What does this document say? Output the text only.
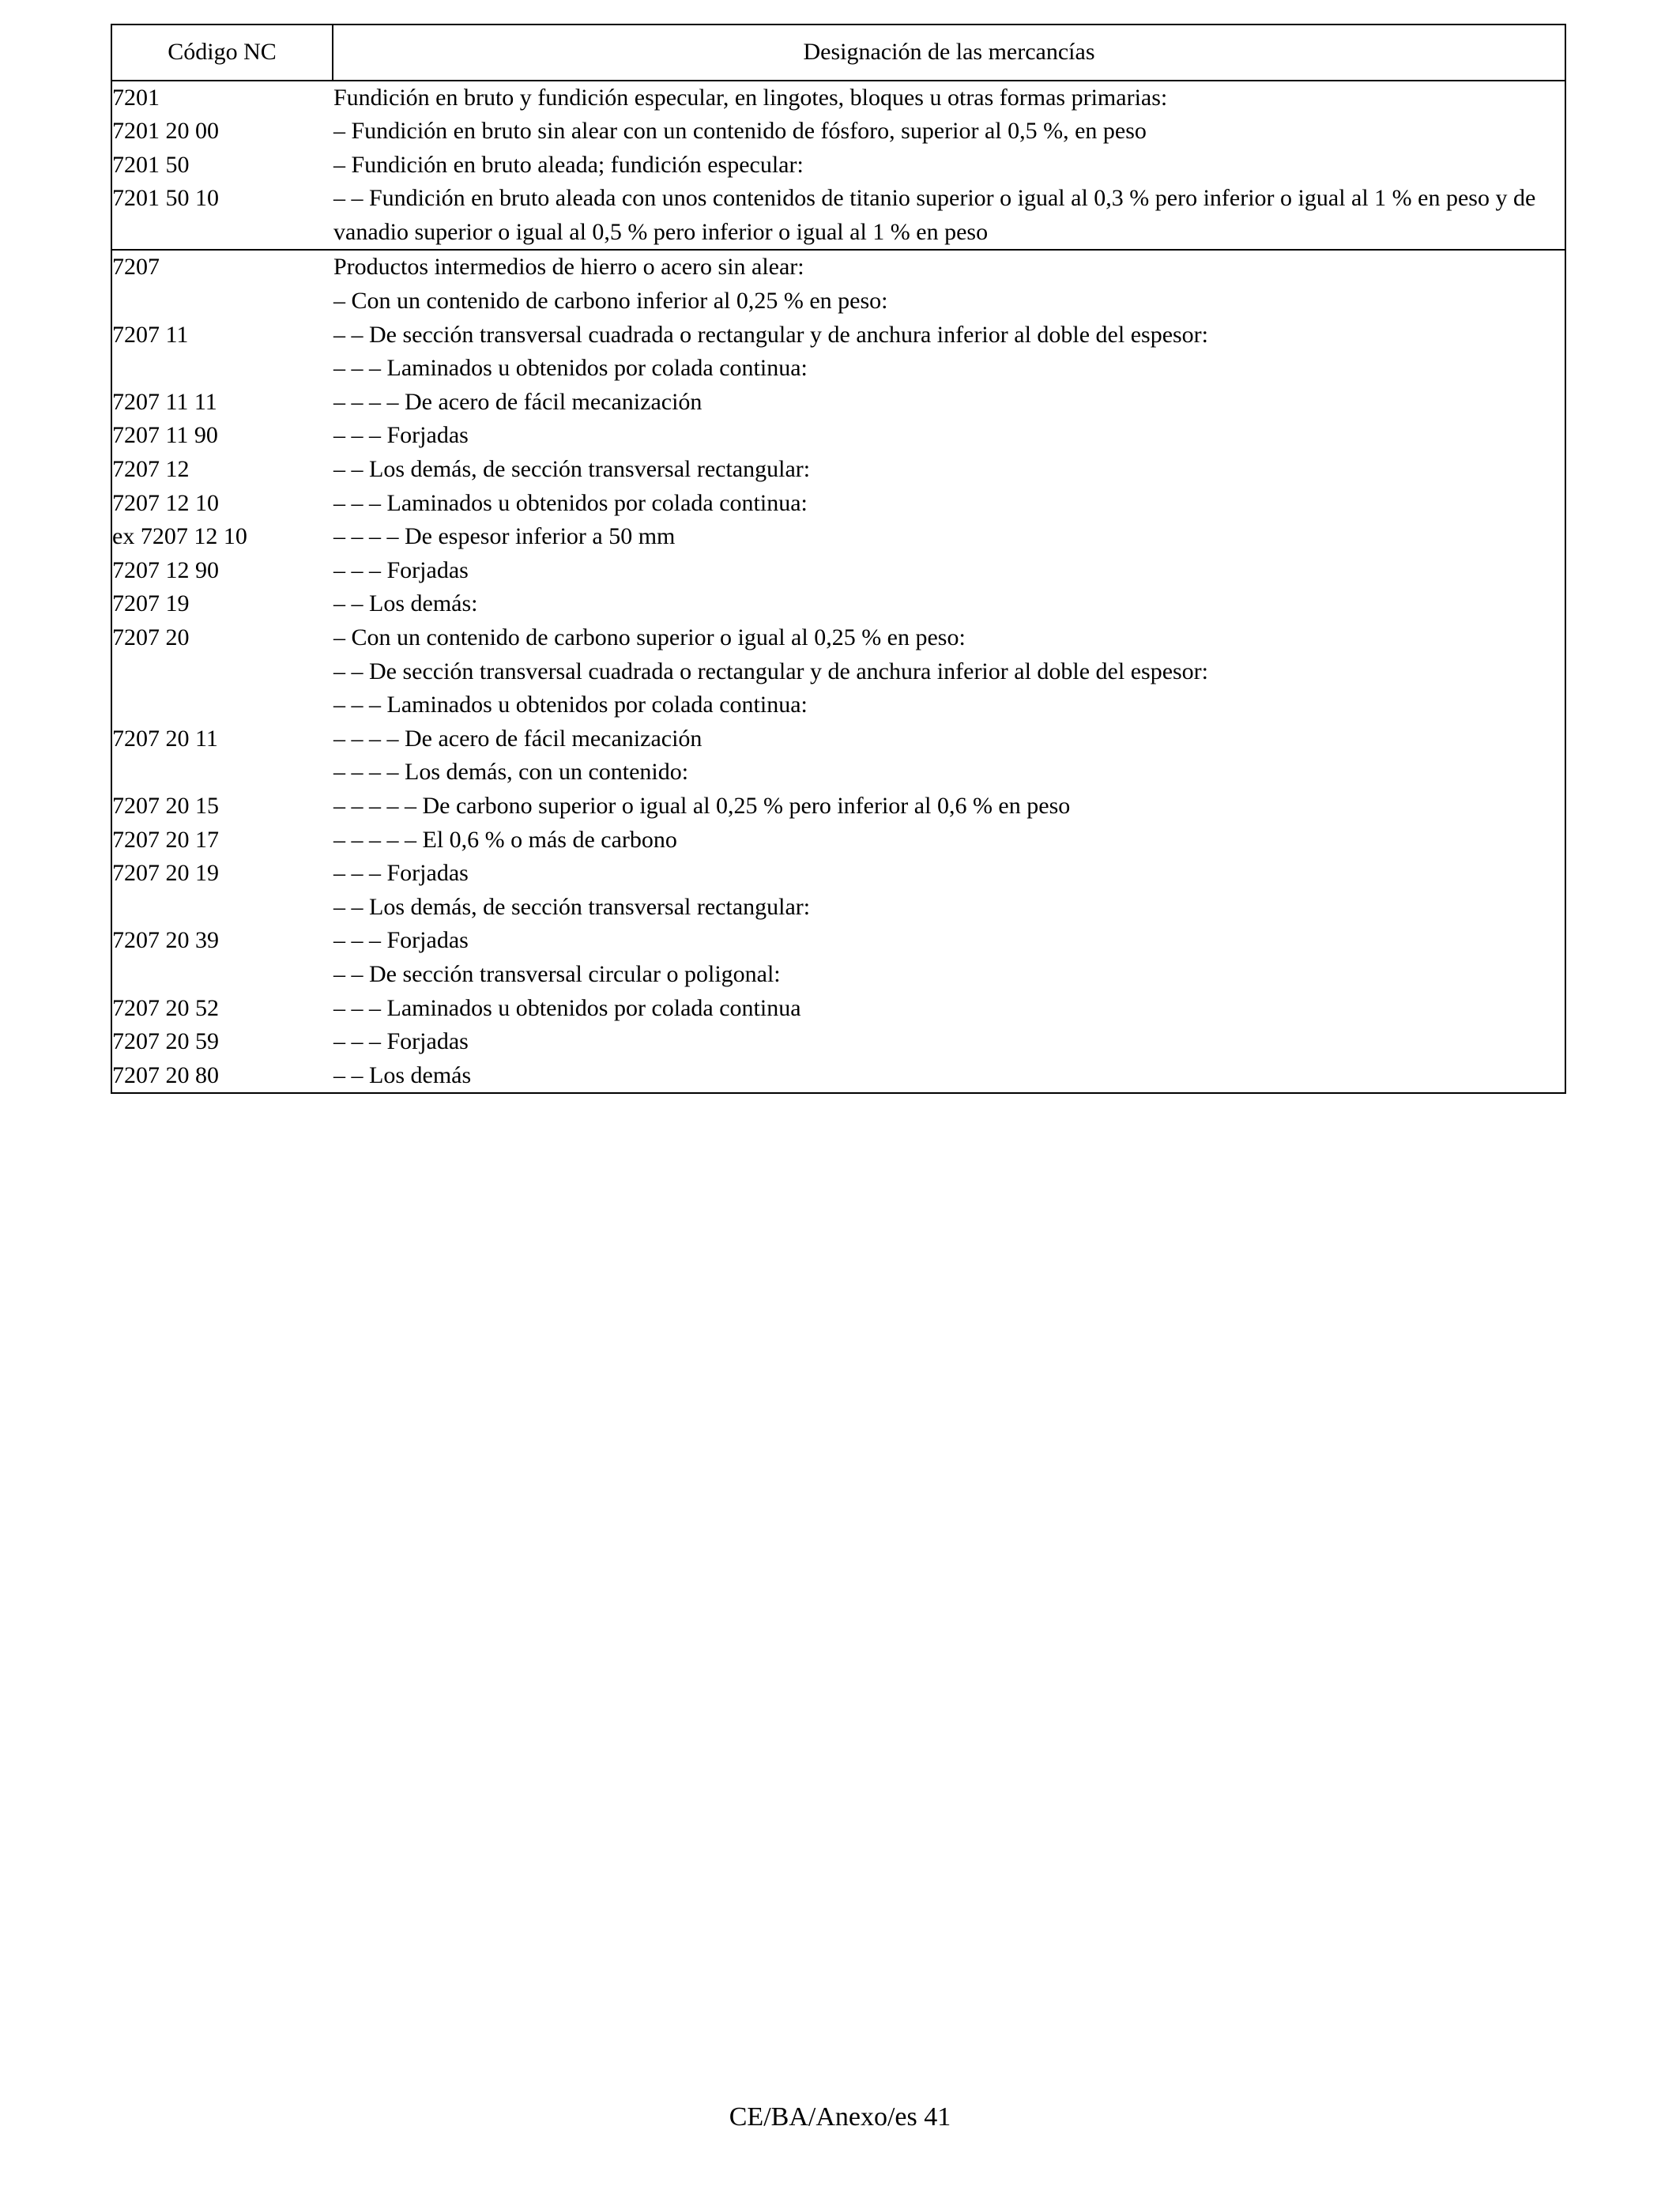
Código NC	Designación de las mercancías

7201	Fundición en bruto y fundición especular, en lingotes, bloques u otras formas primarias:
7201 20 00	– Fundición en bruto sin alear con un contenido de fósforo, superior al 0,5 %, en peso
7201 50	– Fundición en bruto aleada; fundición especular:
7201 50 10	– – Fundición en bruto aleada con unos contenidos de titanio superior o igual al 0,3 % pero inferior o igual al 1 % en peso y de vanadio superior o igual al 0,5 % pero inferior o igual al 1 % en peso

7207	Productos intermedios de hierro o acero sin alear:
	– Con un contenido de carbono inferior al 0,25 % en peso:
7207 11	– – De sección transversal cuadrada o rectangular y de anchura inferior al doble del espesor:
	– – – Laminados u obtenidos por colada continua:
7207 11 11	– – – – De acero de fácil mecanización
7207 11 90	– – – Forjadas
7207 12	– – Los demás, de sección transversal rectangular:
7207 12 10	– – – Laminados u obtenidos por colada continua:
ex 7207 12 10	– – – – De espesor inferior a 50 mm
7207 12 90	– – – Forjadas
7207 19	– – Los demás:
7207 20	– Con un contenido de carbono superior o igual al 0,25 % en peso:
	– – De sección transversal cuadrada o rectangular y de anchura inferior al doble del espesor:
	– – – Laminados u obtenidos por colada continua:
7207 20 11	– – – – De acero de fácil mecanización
	– – – – Los demás, con un contenido:
7207 20 15	– – – – – De carbono superior o igual al 0,25 % pero inferior al 0,6 % en peso
7207 20 17	– – – – – El 0,6 % o más de carbono
7207 20 19	– – – Forjadas
	– – Los demás, de sección transversal rectangular:
7207 20 39	– – – Forjadas
	– – De sección transversal circular o poligonal:
7207 20 52	– – – Laminados u obtenidos por colada continua
7207 20 59	– – – Forjadas
7207 20 80	– – Los demás
CE/BA/Anexo/es 41
